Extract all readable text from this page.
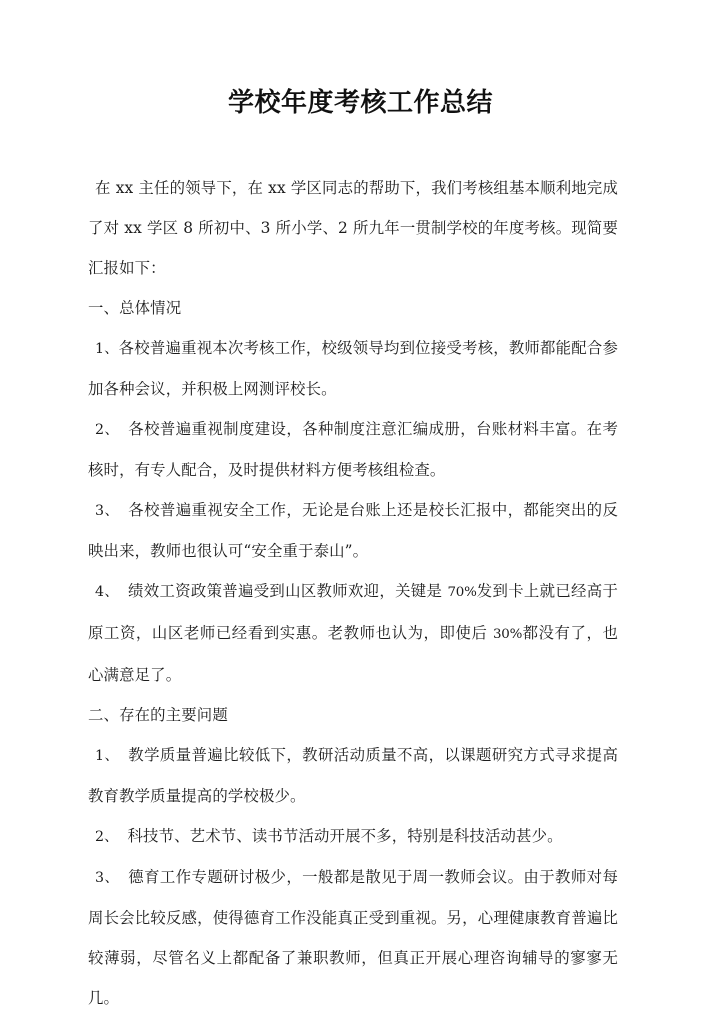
学校年度考核工作总结

在 xx 主任的领导下，在 xx 学区同志的帮助下，我们考核组基本顺利地完成了对 xx 学区 8 所初中、3 所小学、2 所九年一贯制学校的年度考核。现简要汇报如下：

一、总体情况

1、各校普遍重视本次考核工作，校级领导均到位接受考核，教师都能配合参加各种会议，并积极上网测评校长。

2、 各校普遍重视制度建设，各种制度注意汇编成册，台账材料丰富。在考核时，有专人配合，及时提供材料方便考核组检查。

3、 各校普遍重视安全工作，无论是台账上还是校长汇报中，都能突出的反映出来，教师也很认可“安全重于泰山”。

4、 绩效工资政策普遍受到山区教师欢迎，关键是 70%发到卡上就已经高于原工资，山区老师已经看到实惠。老教师也认为，即使后 30%都没有了，也心满意足了。

二、存在的主要问题

1、 教学质量普遍比较低下，教研活动质量不高，以课题研究方式寻求提高教育教学质量提高的学校极少。

2、 科技节、艺术节、读书节活动开展不多，特别是科技活动甚少。

3、 德育工作专题研讨极少，一般都是散见于周一教师会议。由于教师对每周长会比较反感，使得德育工作没能真正受到重视。另，心理健康教育普遍比较薄弱，尽管名义上都配备了兼职教师，但真正开展心理咨询辅导的寥寥无几。
